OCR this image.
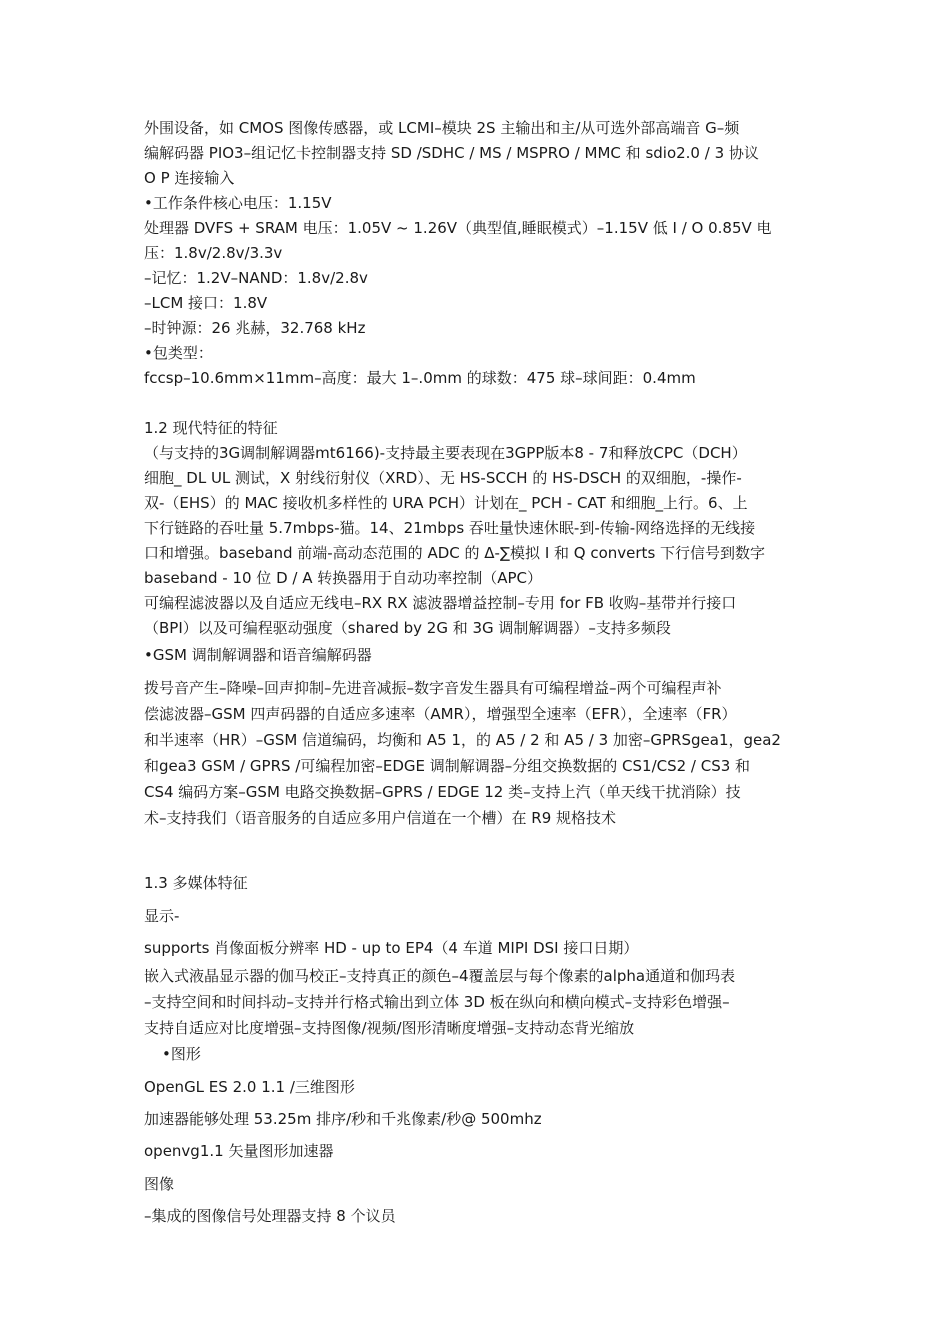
外围设备，如 CMOS 图像传感器，或 LCMI–模块 2S 主输出和主/从可选外部高端音 G–频
编解码器 PIO3–组记忆卡控制器支持 SD /SDHC / MS / MSPRO / MMC 和 sdio2.0 / 3 协议
O P 连接输入
•工作条件核心电压：1.15V
处理器 DVFS + SRAM 电压：1.05V ~ 1.26V（典型值,睡眠模式）–1.15V 低 I / O 0.85V 电
压：1.8v/2.8v/3.3v
–记忆：1.2V–NAND：1.8v/2.8v
–LCM 接口：1.8V
–时钟源：26 兆赫，32.768 kHz
•包类型：
fccsp–10.6mm×11mm–高度：最大 1–.0mm 的球数：475 球–球间距：0.4mm
1.2 现代特征的特征
（与支持的3G调制解调器mt6166)-支持最主要表现在3GPP版本8 - 7和释放CPC（DCH）
细胞_ DL UL 测试，X 射线衍射仪（XRD）、无 HS-SCCH 的 HS-DSCH 的双细胞，-操作-
双-（EHS）的 MAC 接收机多样性的 URA PCH）计划在_ PCH - CAT 和细胞_上行。6、上
下行链路的吞吐量 5.7mbps-猫。14、21mbps 吞吐量快速休眠-到-传输-网络选择的无线接
口和增强。baseband 前端-高动态范围的 ADC 的 Δ-∑模拟 I 和 Q converts 下行信号到数字
baseband - 10 位 D / A 转换器用于自动功率控制（APC）
可编程滤波器以及自适应无线电–RX RX 滤波器增益控制–专用 for FB 收购–基带并行接口
（BPI）以及可编程驱动强度（shared by 2G 和 3G 调制解调器）–支持多频段
•GSM 调制解调器和语音编解码器
拨号音产生–降噪–回声抑制–先进音减振–数字音发生器具有可编程增益–两个可编程声补
偿滤波器–GSM 四声码器的自适应多速率（AMR），增强型全速率（EFR），全速率（FR）
和半速率（HR）–GSM 信道编码，均衡和 A5 1，的 A5 / 2 和 A5 / 3 加密–GPRSgea1，gea2
和gea3 GSM / GPRS /可编程加密–EDGE 调制解调器–分组交换数据的 CS1/CS2 / CS3 和
CS4 编码方案–GSM 电路交换数据–GPRS / EDGE 12 类–支持上汽（单天线干扰消除）技
术–支持我们（语音服务的自适应多用户信道在一个槽）在 R9 规格技术
1.3 多媒体特征
显示-
supports 肖像面板分辨率 HD - up to EP4（4 车道 MIPI DSI 接口日期）
嵌入式液晶显示器的伽马校正–支持真正的颜色–4覆盖层与每个像素的alpha通道和伽玛表
–支持空间和时间抖动–支持并行格式输出到立体 3D 板在纵向和横向模式–支持彩色增强–
支持自适应对比度增强–支持图像/视频/图形清晰度增强–支持动态背光缩放
•图形
OpenGL ES 2.0 1.1 /三维图形
加速器能够处理 53.25m 排序/秒和千兆像素/秒@ 500mhz
openvg1.1 矢量图形加速器
图像
–集成的图像信号处理器支持 8 个议员
